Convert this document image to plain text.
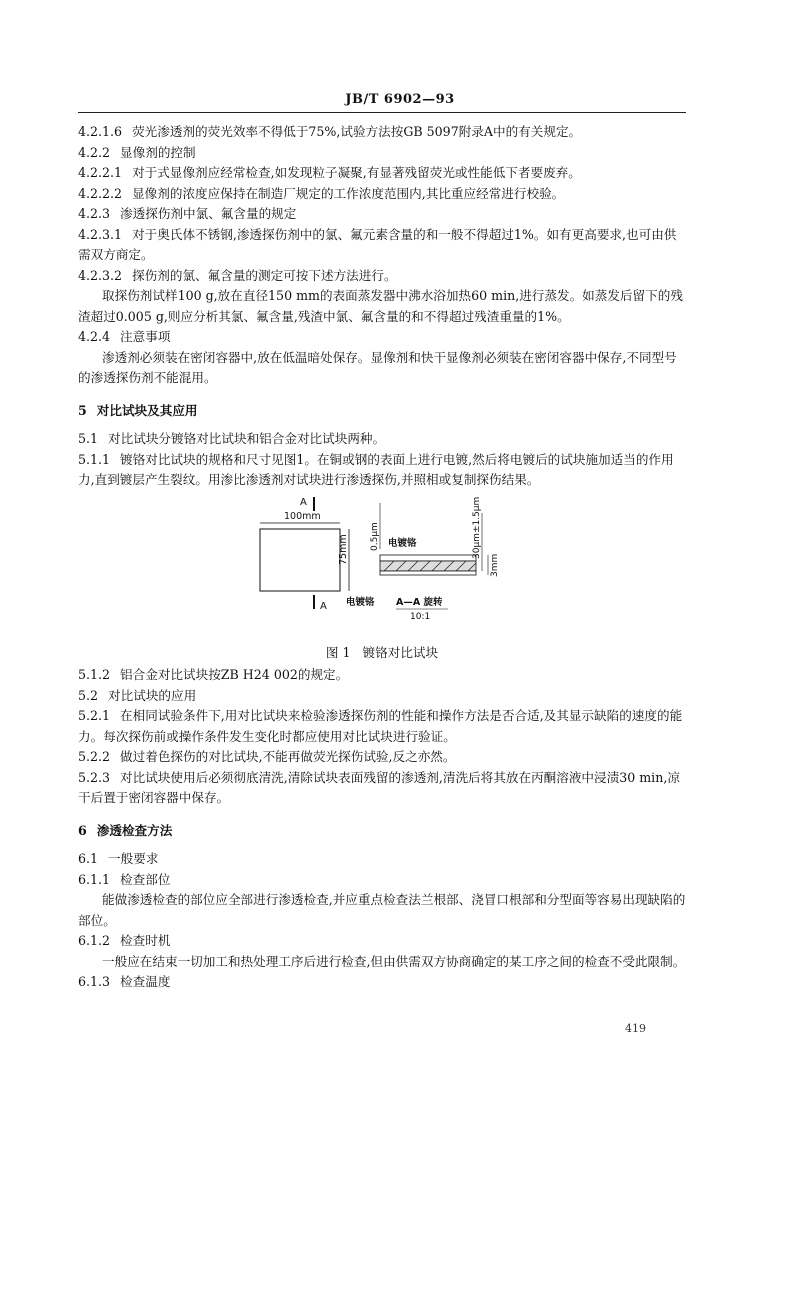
JB/T 6902—93

4.2.1.6 荧光渗透剂的荧光效率不得低于75%,试验方法按GB 5097附录A中的有关规定。

4.2.2 显像剂的控制

4.2.2.1 对于式显像剂应经常检查,如发现粒子凝聚,有显著残留荧光或性能低下者要废弃。

4.2.2.2 显像剂的浓度应保持在制造厂规定的工作浓度范围内,其比重应经常进行校验。

4.2.3 渗透探伤剂中氯、氟含量的规定

4.2.3.1 对于奥氏体不锈钢,渗透探伤剂中的氯、氟元素含量的和一般不得超过1%。如有更高要求,也可由供需双方商定。

4.2.3.2 探伤剂的氯、氟含量的测定可按下述方法进行。

取探伤剂试样100 g,放在直径150 mm的表面蒸发器中沸水浴加热60 min,进行蒸发。如蒸发后留下的残渣超过0.005 g,则应分析其氯、氟含量,残渣中氯、氟含量的和不得超过残渣重量的1%。

4.2.4 注意事项

渗透剂必须装在密闭容器中,放在低温暗处保存。显像剂和快干显像剂必须装在密闭容器中保存,不同型号的渗透探伤剂不能混用。

5 对比试块及其应用

5.1 对比试块分镀铬对比试块和铝合金对比试块两种。

5.1.1 镀铬对比试块的规格和尺寸见图1。在铜或钢的表面上进行电镀,然后将电镀后的试块施加适当的作用力,直到镀层产生裂纹。用渗比渗透剂对试块进行渗透探伤,并照相或复制探伤结果。

A
100mm
75mm
A
0.5μm 电镀铬	30μm±1.5μm
3mm
电镀铬 A—A 旋转
10:1
图 1 镀铬对比试块

5.1.2 铝合金对比试块按ZB H24 002的规定。

5.2 对比试块的应用

5.2.1 在相同试验条件下,用对比试块来检验渗透探伤剂的性能和操作方法是否合适,及其显示缺陷的速度的能力。每次探伤前或操作条件发生变化时都应使用对比试块进行验证。

5.2.2 做过着色探伤的对比试块,不能再做荧光探伤试验,反之亦然。

5.2.3 对比试块使用后必须彻底清洗,清除试块表面残留的渗透剂,清洗后将其放在丙酮溶液中浸渍30 min,凉干后置于密闭容器中保存。

6 渗透检查方法

6.1 一般要求

6.1.1 检查部位

能做渗透检查的部位应全部进行渗透检查,并应重点检查法兰根部、浇冒口根部和分型面等容易出现缺陷的部位。

6.1.2 检查时机

一般应在结束一切加工和热处理工序后进行检查,但由供需双方协商确定的某工序之间的检查不受此限制。

6.1.3 检查温度

419
